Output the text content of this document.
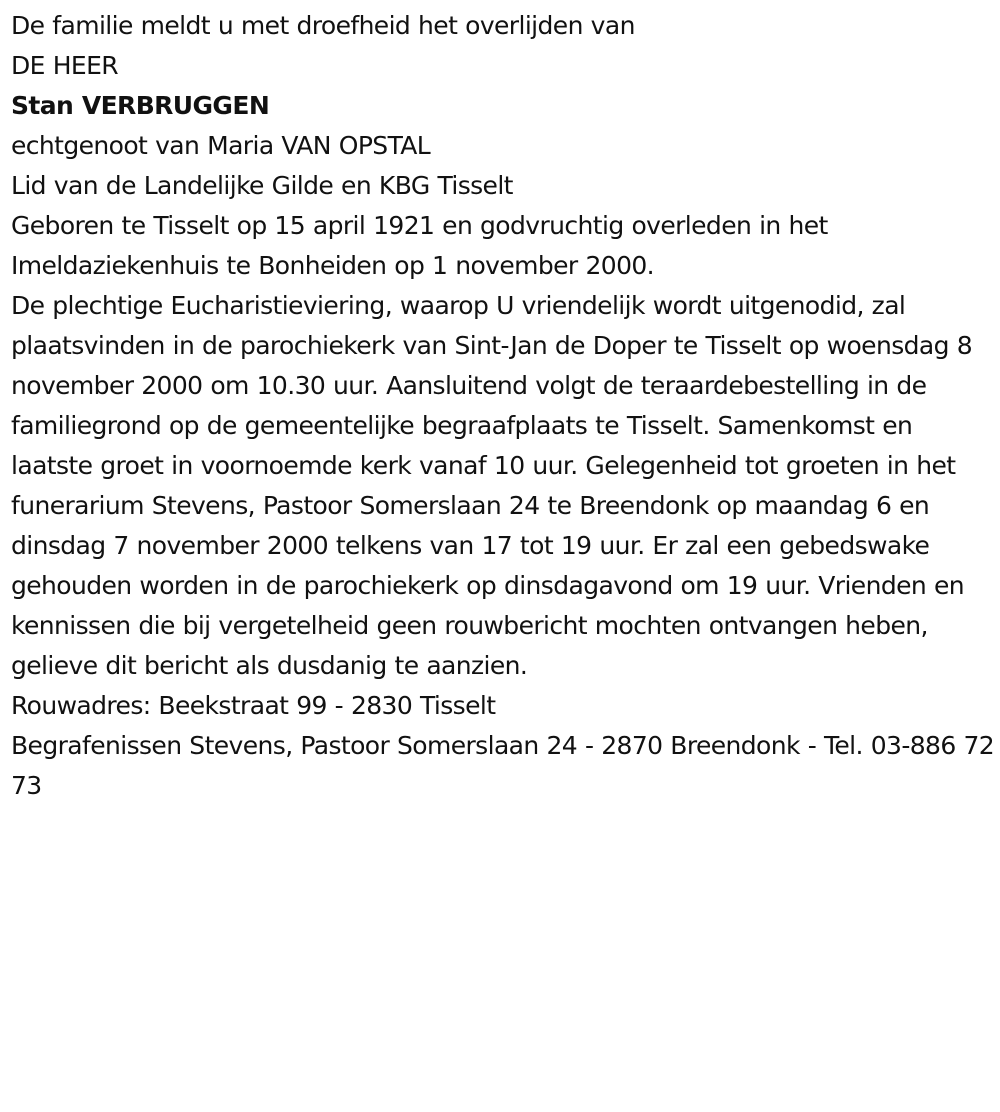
De familie meldt u met droefheid het overlijden van

DE HEER

Stan VERBRUGGEN

echtgenoot van Maria VAN OPSTAL

Lid van de Landelijke Gilde en KBG Tisselt

Geboren te Tisselt op 15 april 1921 en godvruchtig overleden in het Imeldaziekenhuis te Bonheiden op 1 november 2000.

De plechtige Eucharistieviering, waarop U vriendelijk wordt uitgenodid, zal plaatsvinden in de parochiekerk van Sint-Jan de Doper te Tisselt op woensdag 8 november 2000 om 10.30 uur. Aansluitend volgt de teraardebestelling in de familiegrond op de gemeentelijke begraafplaats te Tisselt. Samenkomst en laatste groet in voornoemde kerk vanaf 10 uur. Gelegenheid tot groeten in het funerarium Stevens, Pastoor Somerslaan 24 te Breendonk op maandag 6 en dinsdag 7 november 2000 telkens van 17 tot 19 uur. Er zal een gebedswake gehouden worden in de parochiekerk op dinsdagavond om 19 uur. Vrienden en kennissen die bij vergetelheid geen rouwbericht mochten ontvangen heben, gelieve dit bericht als dusdanig te aanzien.

Rouwadres: Beekstraat 99 - 2830 Tisselt

Begrafenissen Stevens, Pastoor Somerslaan 24 - 2870 Breendonk - Tel. 03-886 72 73
